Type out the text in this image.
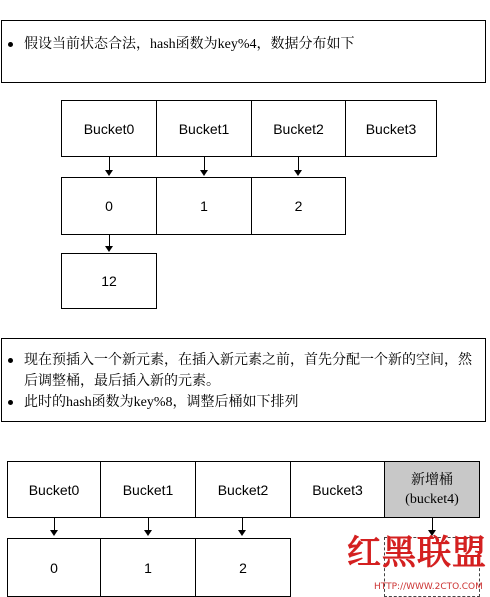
假设当前状态合法，hash函数为key%4，数据分布如下
Bucket0	Bucket1	Bucket2	Bucket3
0	1	2
12
现在预插入一个新元素，在插入新元素之前，首先分配一个新的空间，然后调整桶，最后插入新的元素。
此时的hash函数为key%8，调整后桶如下排列
Bucket0	Bucket1	Bucket2	Bucket3
新增桶
(bucket4)
0	1	2	红黑联盟
HTTP://WWW.2CTO.COM
